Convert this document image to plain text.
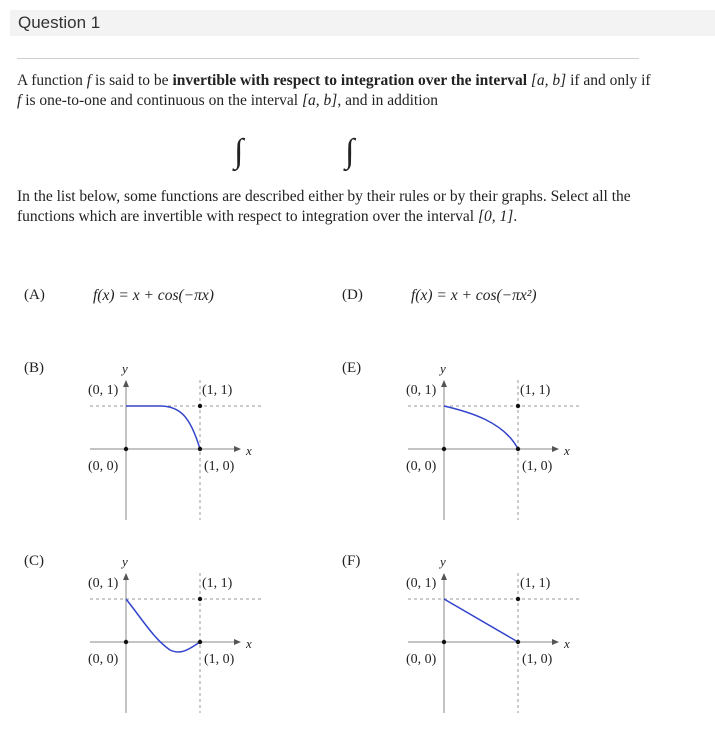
Question 1
A function f is said to be invertible with respect to integration over the interval [a, b] if and only if f is one-to-one and continuous on the interval [a, b], and in addition
∫	∫
In the list below, some functions are described either by their rules or by their graphs. Select all the functions which are invertible with respect to integration over the interval [0, 1].
(A)	f(x) = x + cos(−πx)	(D)	f(x) = x + cos(−πx²)
(B)	(E)
(C)	(F)
y
x
(0, 1)	(1, 1)
(0, 0)	(1, 0)
y
x
(0, 1)	(1, 1)
(0, 0)	(1, 0)
y
x
(0, 1)	(1, 1)
(0, 0)	(1, 0)
y
x
(0, 1)	(1, 1)
(0, 0)	(1, 0)
